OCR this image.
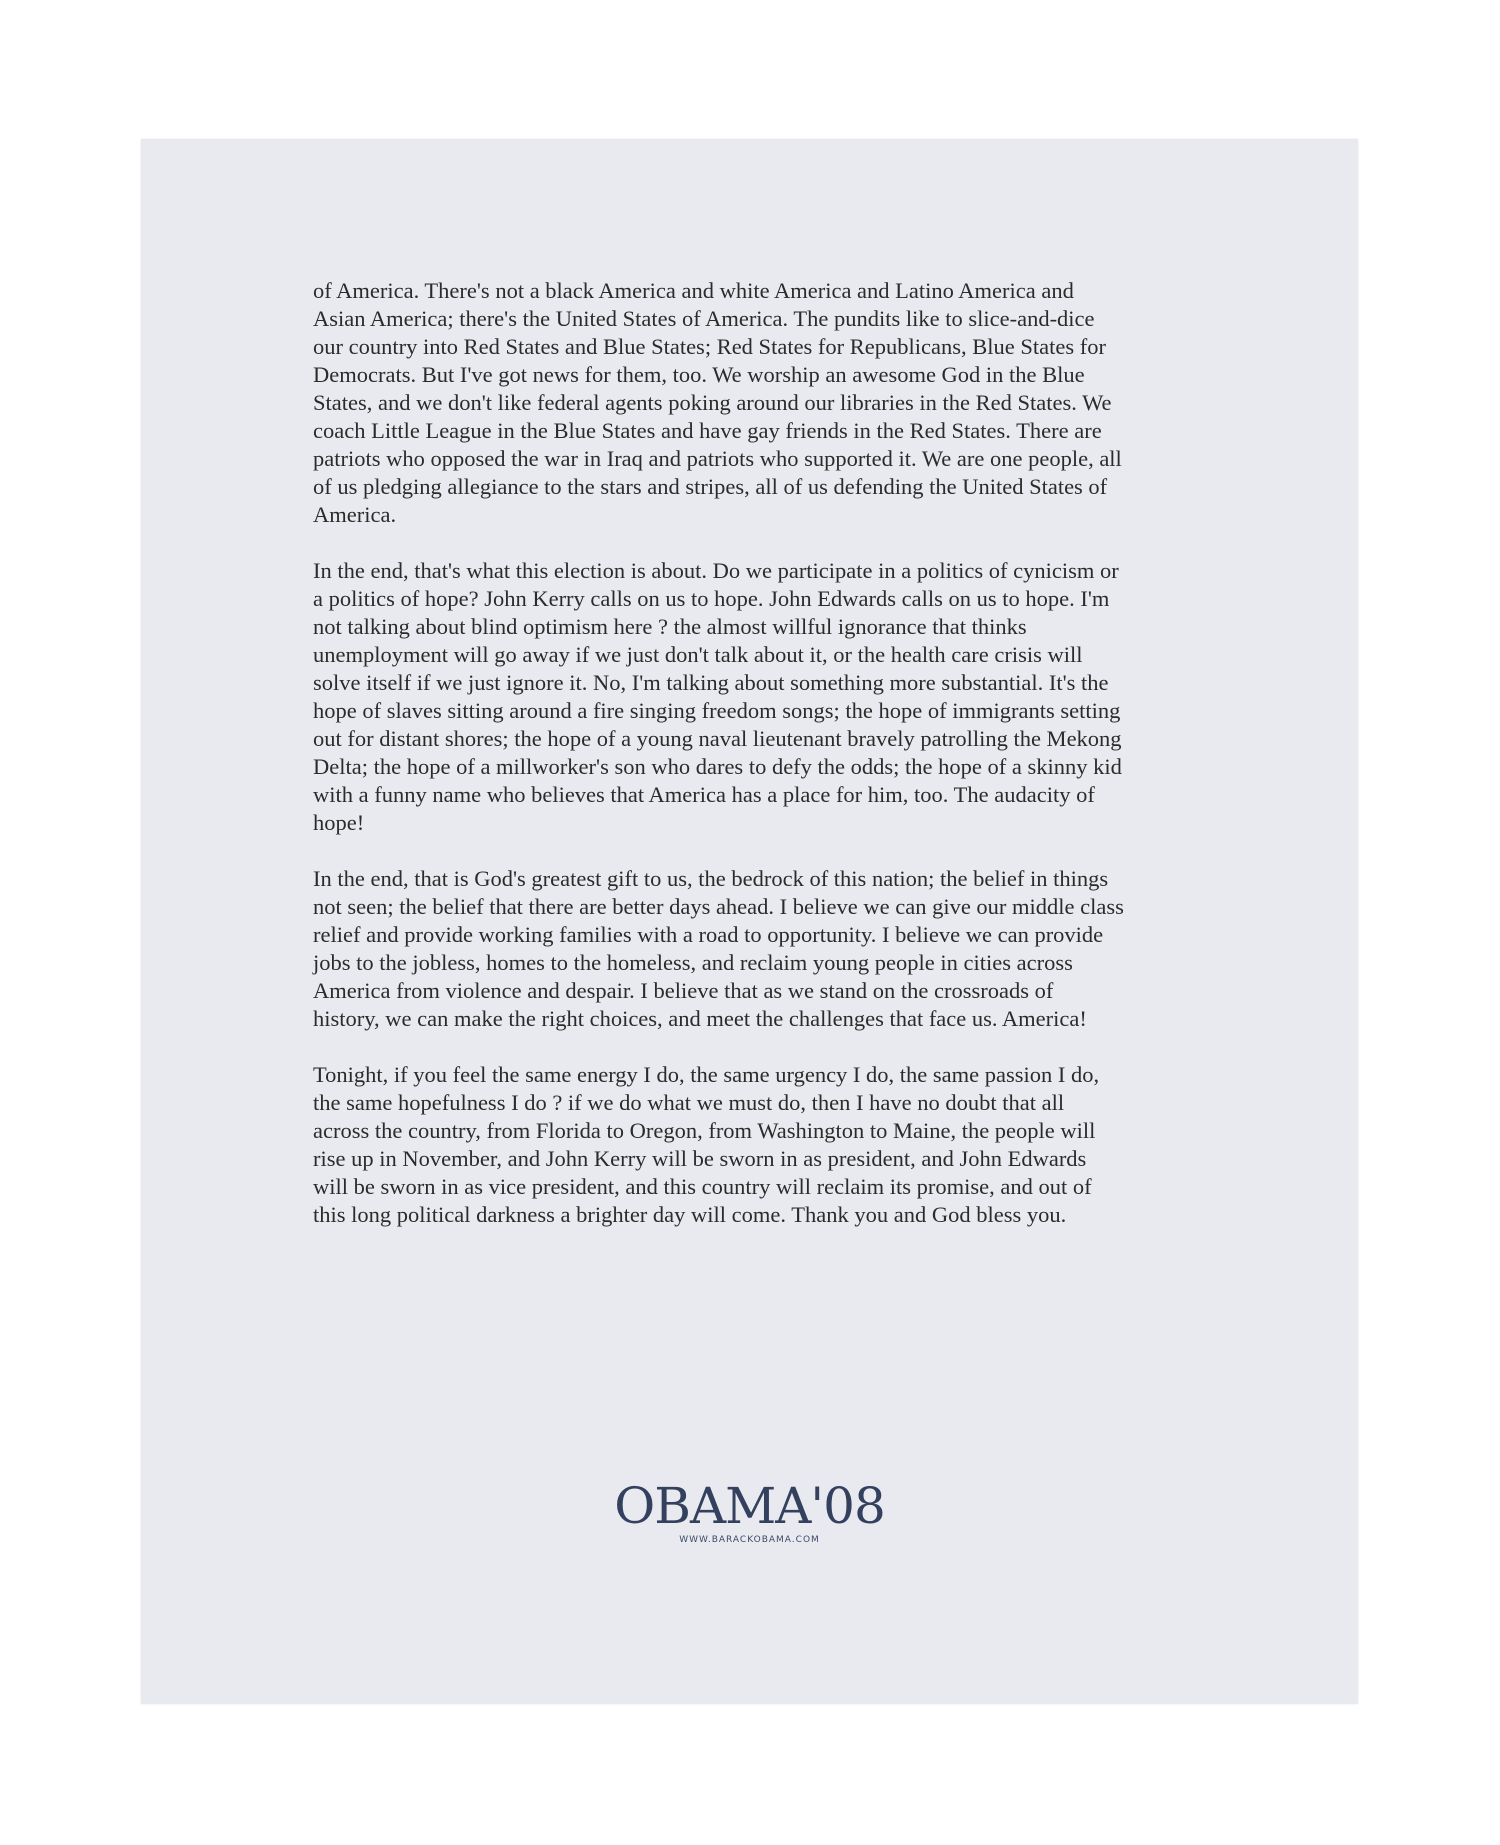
of America. There's not a black America and white America and Latino America and
Asian America; there's the United States of America. The pundits like to slice-and-dice
our country into Red States and Blue States; Red States for Republicans, Blue States for
Democrats. But I've got news for them, too. We worship an awesome God in the Blue
States, and we don't like federal agents poking around our libraries in the Red States. We
coach Little League in the Blue States and have gay friends in the Red States. There are
patriots who opposed the war in Iraq and patriots who supported it. We are one people, all
of us pledging allegiance to the stars and stripes, all of us defending the United States of
America.

In the end, that's what this election is about. Do we participate in a politics of cynicism or
a politics of hope? John Kerry calls on us to hope. John Edwards calls on us to hope. I'm
not talking about blind optimism here ? the almost willful ignorance that thinks
unemployment will go away if we just don't talk about it, or the health care crisis will
solve itself if we just ignore it. No, I'm talking about something more substantial. It's the
hope of slaves sitting around a fire singing freedom songs; the hope of immigrants setting
out for distant shores; the hope of a young naval lieutenant bravely patrolling the Mekong
Delta; the hope of a millworker's son who dares to defy the odds; the hope of a skinny kid
with a funny name who believes that America has a place for him, too. The audacity of
hope!

In the end, that is God's greatest gift to us, the bedrock of this nation; the belief in things
not seen; the belief that there are better days ahead. I believe we can give our middle class
relief and provide working families with a road to opportunity. I believe we can provide
jobs to the jobless, homes to the homeless, and reclaim young people in cities across
America from violence and despair. I believe that as we stand on the crossroads of
history, we can make the right choices, and meet the challenges that face us. America!

Tonight, if you feel the same energy I do, the same urgency I do, the same passion I do,
the same hopefulness I do ? if we do what we must do, then I have no doubt that all
across the country, from Florida to Oregon, from Washington to Maine, the people will
rise up in November, and John Kerry will be sworn in as president, and John Edwards
will be sworn in as vice president, and this country will reclaim its promise, and out of
this long political darkness a brighter day will come. Thank you and God bless you.

OBAMA'08
WWW.BARACKOBAMA.COM
